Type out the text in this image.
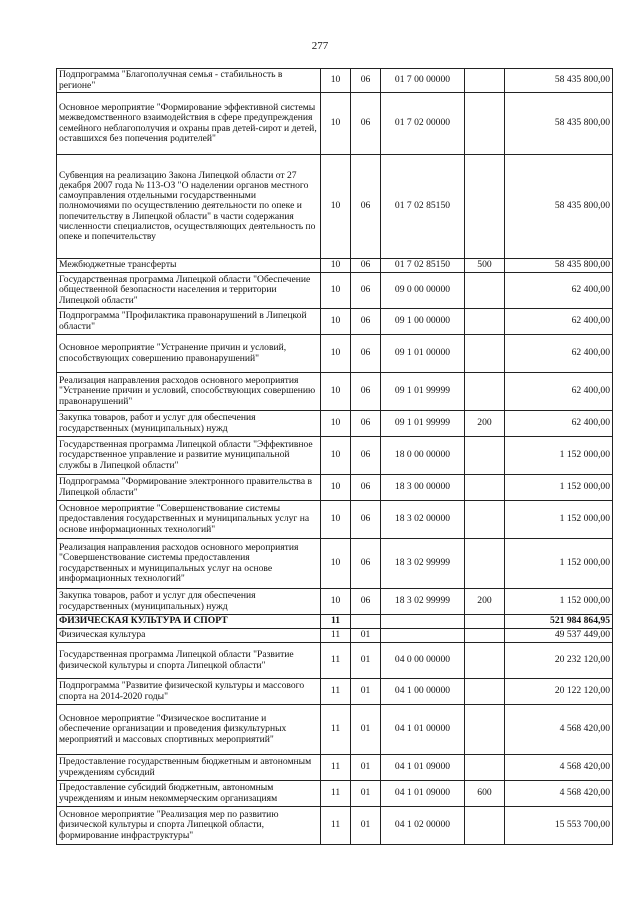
277
Подпрограмма "Благополучная семья - стабильность в регионе"	10	06	01 7 00 00000		58 435 800,00
Основное мероприятие "Формирование эффективной системы межведомственного взаимодействия в сфере предупреждения семейного неблагополучия и охраны прав детей-сирот и детей, оставшихся без попечения родителей"	10	06	01 7 02 00000		58 435 800,00
Субвенция на реализацию Закона Липецкой области от 27 декабря 2007 года № 113-ОЗ "О наделении органов местного самоуправления отдельными государственными полномочиями по осуществлению деятельности по опеке и попечительству в Липецкой области" в части содержания численности специалистов, осуществляющих деятельность по опеке и попечительству	10	06	01 7 02 85150		58 435 800,00
Межбюджетные трансферты	10	06	01 7 02 85150	500	58 435 800,00
Государственная программа Липецкой области "Обеспечение общественной безопасности населения и территории Липецкой области"	10	06	09 0 00 00000		62 400,00
Подпрограмма "Профилактика правонарушений в Липецкой области"	10	06	09 1 00 00000		62 400,00
Основное мероприятие "Устранение причин и условий, способствующих совершению правонарушений"	10	06	09 1 01 00000		62 400,00
Реализация направления расходов основного мероприятия "Устранение причин и условий, способствующих совершению правонарушений"	10	06	09 1 01 99999		62 400,00
Закупка товаров, работ и услуг для обеспечения государственных (муниципальных) нужд	10	06	09 1 01 99999	200	62 400,00
Государственная программа Липецкой области "Эффективное государственное управление и развитие муниципальной службы в Липецкой области"	10	06	18 0 00 00000		1 152 000,00
Подпрограмма "Формирование электронного правительства в Липецкой области"	10	06	18 3 00 00000		1 152 000,00
Основное мероприятие "Совершенствование системы предоставления государственных и муниципальных услуг на основе информационных технологий"	10	06	18 3 02 00000		1 152 000,00
Реализация направления расходов основного мероприятия "Совершенствование системы предоставления государственных и муниципальных услуг на основе информационных технологий"	10	06	18 3 02 99999		1 152 000,00
Закупка товаров, работ и услуг для обеспечения государственных (муниципальных) нужд	10	06	18 3 02 99999	200	1 152 000,00
ФИЗИЧЕСКАЯ КУЛЬТУРА И СПОРТ	11				521 984 864,95
Физическая культура	11	01			49 537 449,00
Государственная программа Липецкой области "Развитие физической культуры и спорта Липецкой области"	11	01	04 0 00 00000		20 232 120,00
Подпрограмма "Развитие физической культуры и массового спорта на 2014-2020 годы"	11	01	04 1 00 00000		20 122 120,00
Основное мероприятие "Физическое воспитание и обеспечение организации и проведения физкультурных мероприятий и массовых спортивных мероприятий"	11	01	04 1 01 00000		4 568 420,00
Предоставление государственным бюджетным и автономным учреждениям субсидий	11	01	04 1 01 09000		4 568 420,00
Предоставление субсидий бюджетным, автономным учреждениям и иным некоммерческим организациям	11	01	04 1 01 09000	600	4 568 420,00
Основное мероприятие "Реализация мер по развитию физической культуры и спорта Липецкой области, формирование инфраструктуры"	11	01	04 1 02 00000		15 553 700,00
